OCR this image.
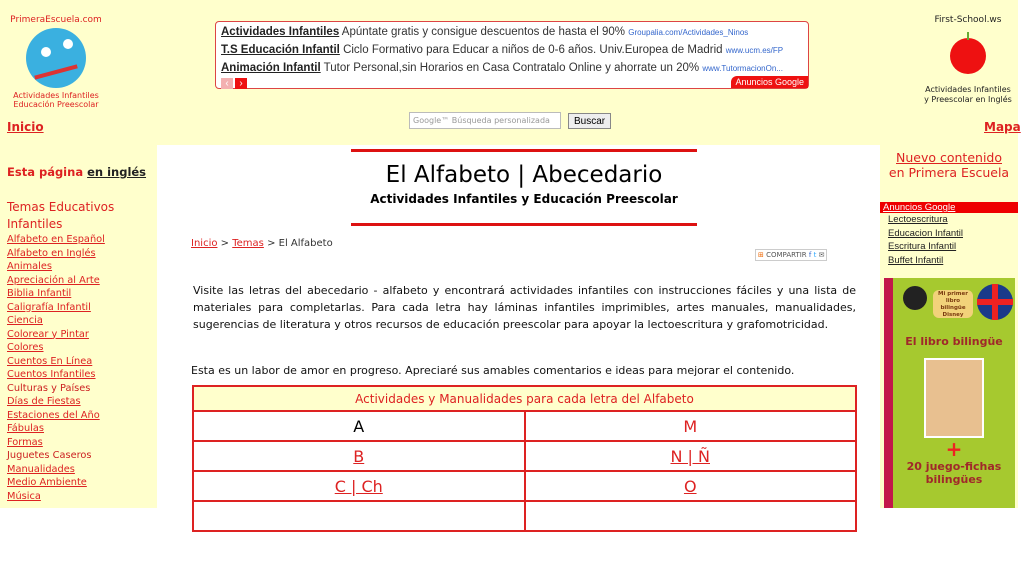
PrimeraEscuela.com
Actividades Infantiles
Educación Preescolar
First-School.ws
Actividades Infantiles
y Preescolar en Inglés
Inicio	Mapa
Actividades Infantiles Apúntate gratis y consigue descuentos de hasta el 90% Groupalia.com/Actividades_Ninos
T.S Educación Infantil Ciclo Formativo para Educar a niños de 0-6 años. Univ.Europea de Madrid www.ucm.es/FP
Animación Infantil Tutor Personal,sin Horarios en Casa Contratalo Online y ahorrate un 20% www.TutormacionOn...
‹ ›	Anuncios Google
Google™ Búsqueda personalizada	Buscar
Esta página en inglés
Temas Educativos Infantiles
Alfabeto en Español
Alfabeto en Inglés
Animales
Apreciación al Arte
Biblia Infantil
Caligrafía Infantil
Ciencia
Colorear y Pintar
Colores
Cuentos En Línea
Cuentos Infantiles
Culturas y Países
Días de Fiestas
Estaciones del Año
Fábulas
Formas
Juguetes Caseros
Manualidades
Medio Ambiente
Música
El Alfabeto | Abecedario
Actividades Infantiles y Educación Preescolar
Inicio > Temas > El Alfabeto
⊞ COMPARTIR f t ✉

Visite las letras del abecedario - alfabeto y encontrará actividades infantiles con instrucciones fáciles y una lista de materiales para completarlas. Para cada letra hay láminas infantiles imprimibles, artes manuales, manualidades, sugerencias de literatura y otros recursos de educación preescolar para apoyar la lectoescritura y grafomotricidad.

Esta es un labor de amor en progreso. Apreciaré sus amables comentarios e ideas para mejorar el contenido.

Actividades y Manualidades para cada letra del Alfabeto	
A	M
B	N | Ñ
C | Ch	O

Nuevo contenido
en Primera Escuela
Anuncios Google
Lectoescritura
Educacion Infantil
Escritura Infantil
Buffet Infantil
Mi primer libro bilingüe Disney
El libro bilingüe
+
20 juego-fichas bilingües
